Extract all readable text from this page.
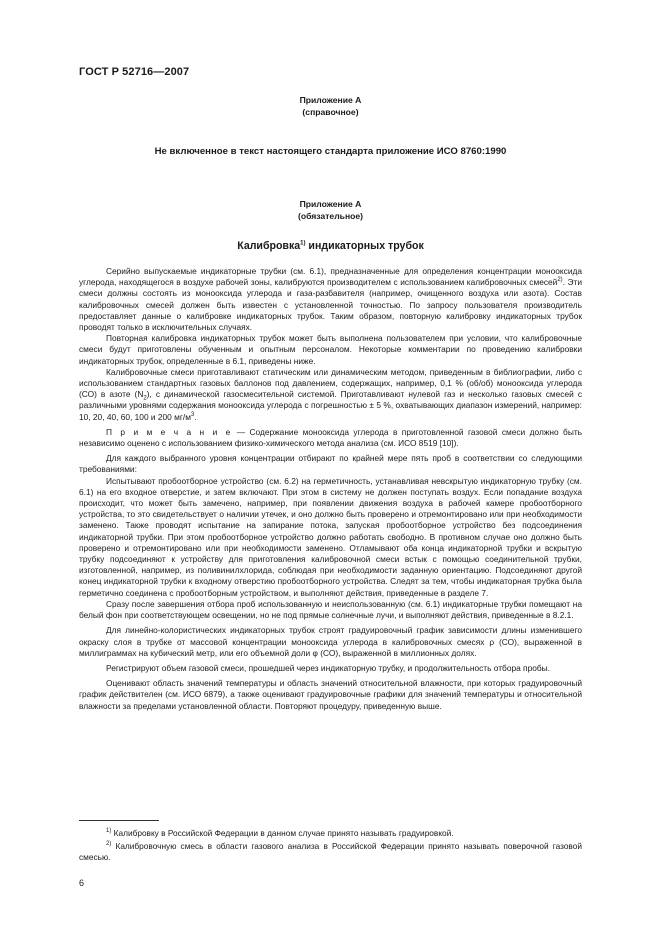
ГОСТ Р 52716—2007
Приложение А
(справочное)
Не включенное в текст настоящего стандарта приложение ИСО 8760:1990
Приложение А
(обязательное)
Калибровка$^{1)}$ индикаторных трубок

Серийно выпускаемые индикаторные трубки (см. 6.1), предназначенные для определения концентрации монооксида углерода, находящегося в воздухе рабочей зоны, калибруются производителем с использованием калибровочных смесей$^{2)}$. Эти смеси должны состоять из монооксида углерода и газа-разбавителя (например, очищенного воздуха или азота). Состав калибровочных смесей должен быть известен с установленной точностью. По запросу пользователя производитель предоставляет данные о калибровке индикаторных трубок. Таким образом, повторную калибровку индикаторных трубок проводят только в исключительных случаях.

Повторная калибровка индикаторных трубок может быть выполнена пользователем при условии, что калибровочные смеси будут приготовлены обученным и опытным персоналом. Некоторые комментарии по проведению калибровки индикаторных трубок, определенные в 6.1, приведены ниже.

Калибровочные смеси приготавливают статическим или динамическим методом, приведенным в библиографии, либо с использованием стандартных газовых баллонов под давлением, содержащих, например, 0,1 % (об/об) монооксида углерода (СО) в азоте $(N_2)$, с динамической газосмесительной системой. Приготавливают нулевой газ и несколько газовых смесей с различными уровнями содержания монооксида углерода с погрешностью ± 5 %, охватывающих диапазон измерений, например: 10, 20, 40, 60, 100 и 200 $мг/м^3$.

П р и м е ч а н и е — Содержание монооксида углерода в приготовленной газовой смеси должно быть независимо оценено с использованием физико-химического метода анализа (см. ИСО 8519 [10]).

Для каждого выбранного уровня концентрации отбирают по крайней мере пять проб в соответствии со следующими требованиями:

Испытывают пробоотборное устройство (см. 6.2) на герметичность, устанавливая невскрытую индикаторную трубку (см. 6.1) на его входное отверстие, и затем включают. При этом в систему не должен поступать воздух. Если попадание воздуха происходит, что может быть замечено, например, при появлении движения воздуха в рабочей камере пробоотборного устройства, то это свидетельствует о наличии утечек, и оно должно быть проверено и отремонтировано или при необходимости заменено. Также проводят испытание на запирание потока, запуская пробоотборное устройство без подсоединения индикаторной трубки. При этом пробоотборное устройство должно работать свободно. В противном случае оно должно быть проверено и отремонтировано или при необходимости заменено. Отламывают оба конца индикаторной трубки и вскрытую трубку подсоединяют к устройству для приготовления калибровочной смеси встык с помощью соединительной трубки, изготовленной, например, из поливинилхлорида, соблюдая при необходимости заданную ориентацию. Подсоединяют другой конец индикаторной трубки к входному отверстию пробоотборного устройства. Следят за тем, чтобы индикаторная трубка была герметично соединена с пробоотборным устройством, и выполняют действия, приведенные в разделе 7.

Сразу после завершения отбора проб использованную и неиспользованную (см. 6.1) индикаторные трубки помещают на белый фон при соответствующем освещении, но не под прямые солнечные лучи, и выполняют действия, приведенные в 8.2.1.

Для линейно-колористических индикаторных трубок строят градуировочный график зависимости длины изменившего окраску слоя в трубке от массовой концентрации монооксида углерода в калибровочных смесях ρ (СО), выраженной в миллиграммах на кубический метр, или его объемной доли φ (СО), выраженной в миллионных долях.

Регистрируют объем газовой смеси, прошедшей через индикаторную трубку, и продолжительность отбора пробы.

Оценивают область значений температуры и область значений относительной влажности, при которых градуировочный график действителен (см. ИСО 6879), а также оценивают градуировочные графики для значений температуры и относительной влажности за пределами установленной области. Повторяют процедуру, приведенную выше.

$^{1)}$ Калибровку в Российской Федерации в данном случае принято называть градуировкой.

$^{2)}$ Калибровочную смесь в области газового анализа в Российской Федерации принято называть поверочной газовой смесью.

6
